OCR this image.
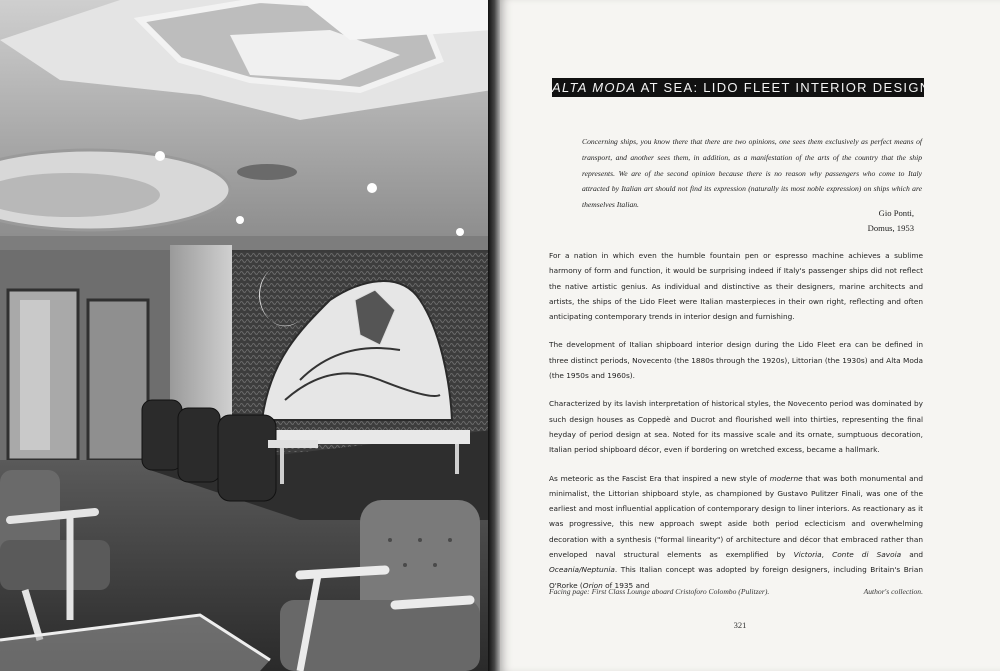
ALTA MODA AT SEA: LIDO FLEET INTERIOR DESIGN
Concerning ships, you know there that there are two opinions, one sees them exclusively as perfect means of transport, and another sees them, in addition, as a manifestation of the arts of the country that the ship represents. We are of the second opinion because there is no reason why passengers who come to Italy attracted by Italian art should not find its expression (naturally its most noble expression) on ships which are themselves Italian.
Gio Ponti,
Domus, 1953

For a nation in which even the humble fountain pen or espresso machine achieves a sublime harmony of form and function, it would be surprising indeed if Italy's passenger ships did not reflect the native artistic genius. As individual and distinctive as their designers, marine architects and artists, the ships of the Lido Fleet were Italian masterpieces in their own right, reflecting and often anticipating contemporary trends in interior design and furnishing.

The development of Italian shipboard interior design during the Lido Fleet era can be defined in three distinct periods, Novecento (the 1880s through the 1920s), Littorian (the 1930s) and Alta Moda (the 1950s and 1960s).

Characterized by its lavish interpretation of historical styles, the Novecento period was dominated by such design houses as Coppedè and Ducrot and flourished well into thirties, representing the final heyday of period design at sea. Noted for its massive scale and its ornate, sumptuous decoration, Italian period shipboard décor, even if bordering on wretched excess, became a hallmark.

As meteoric as the Fascist Era that inspired a new style of moderne that was both monumental and minimalist, the Littorian shipboard style, as championed by Gustavo Pulitzer Finali, was one of the earliest and most influential application of contemporary design to liner interiors. As reactionary as it was progressive, this new approach swept aside both period eclecticism and overwhelming decoration with a synthesis ("formal linearity") of architecture and décor that embraced rather than enveloped naval structural elements as exemplified by Victoria, Conte di Savoia and Oceania/Neptunia. This Italian concept was adopted by foreign designers, including Britain's Brian O'Rorke (Orion of 1935 and

Facing page: First Class Lounge aboard Cristoforo Colombo (Pulitzer).	Author's collection.
321
